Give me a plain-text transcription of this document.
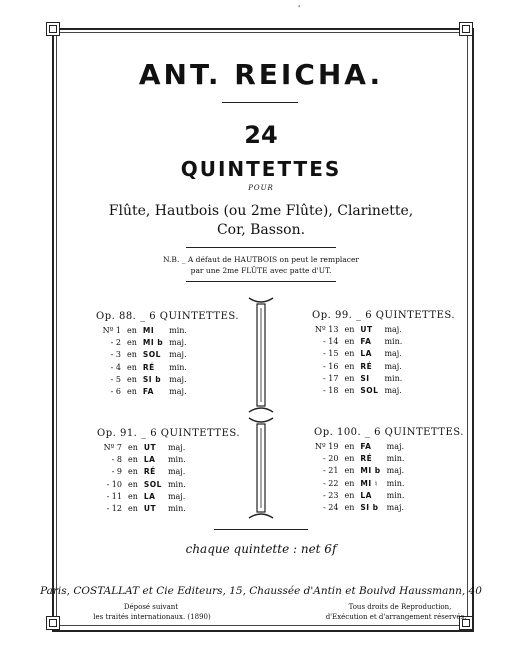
'
ANT. REICHA.
24
QUINTETTES
POUR
Flûte, Hautbois (ou 2me Flûte), Clarinette,
Cor, Basson.
N.B. _ A défaut de HAUTBOIS on peut le remplacer
par une 2me FLÛTE avec patte d'UT.
Op. 88. _ 6 QUINTETTES.
Nº 1	en	MI	min.
- 2	en	MI b	maj.
- 3	en	SOL	maj.
- 4	en	RÉ	min.
- 5	en	SI b	maj.
- 6	en	FA	maj.
Op. 99. _ 6 QUINTETTES.
Nº 13	en	UT	maj.
- 14	en	FA	min.
- 15	en	LA	maj.
- 16	en	RÉ	maj.
- 17	en	SI	min.
- 18	en	SOL	maj.
Op. 91. _ 6 QUINTETTES.
Nº 7	en	UT	maj.
- 8	en	LA	min.
- 9	en	RÉ	maj.
- 10	en	SOL	min.
- 11	en	LA	maj.
- 12	en	UT	min.
Op. 100. _ 6 QUINTETTES.
Nº 19	en	FA	maj.
- 20	en	RÉ	min.
- 21	en	MI b	maj.
- 22	en	MI ♮	min.
- 23	en	LA	min.
- 24	en	SI b	maj.
chaque quintette : net 6f
Paris, COSTALLAT et Cie Editeurs, 15, Chaussée d'Antin et Boulvd Haussmann, 40
Déposé suivant
les traités internationaux. (1890)
Tous droits de Reproduction,
d'Exécution et d'arrangement réservés.
